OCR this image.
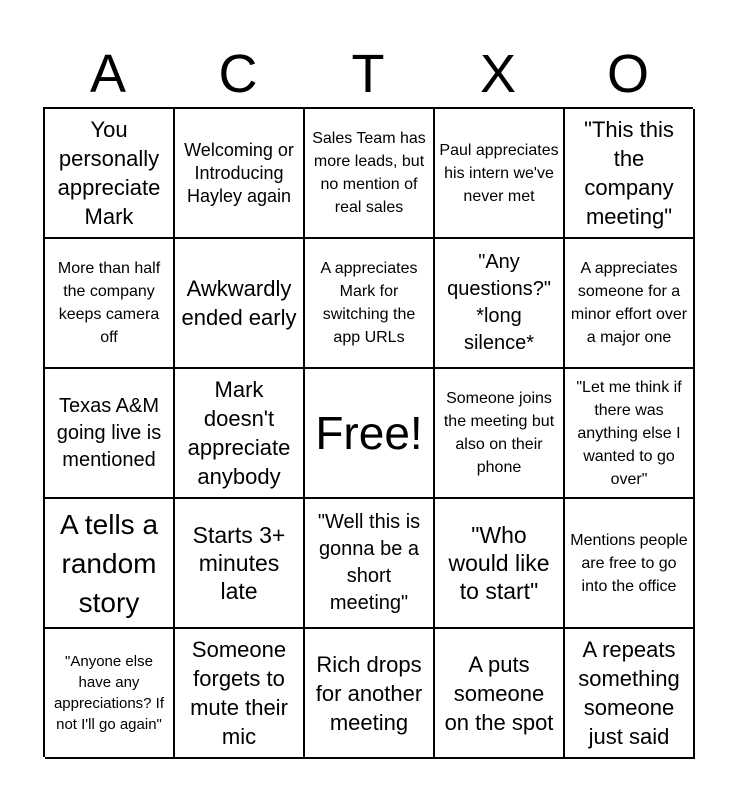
A	C	T	X	O
You personally appreciate Mark
Welcoming or Introducing Hayley again
Sales Team has more leads, but no mention of real sales
Paul appreciates his intern we've never met
"This this the company meeting"
More than half the company keeps camera off
Awkwardly ended early
A appreciates Mark for switching the app URLs
"Any questions?" *long silence*
A appreciates someone for a minor effort over a major one
Texas A&M going live is mentioned
Mark doesn't appreciate anybody
Free!
Someone joins the meeting but also on their phone
"Let me think if there was anything else I wanted to go over"
A tells a random story
Starts 3+ minutes late
"Well this is gonna be a short meeting"
"Who would like to start"
Mentions people are free to go into the office
"Anyone else have any appreciations? If not I'll go again"
Someone forgets to mute their mic
Rich drops for another meeting
A puts someone on the spot
A repeats something someone just said
